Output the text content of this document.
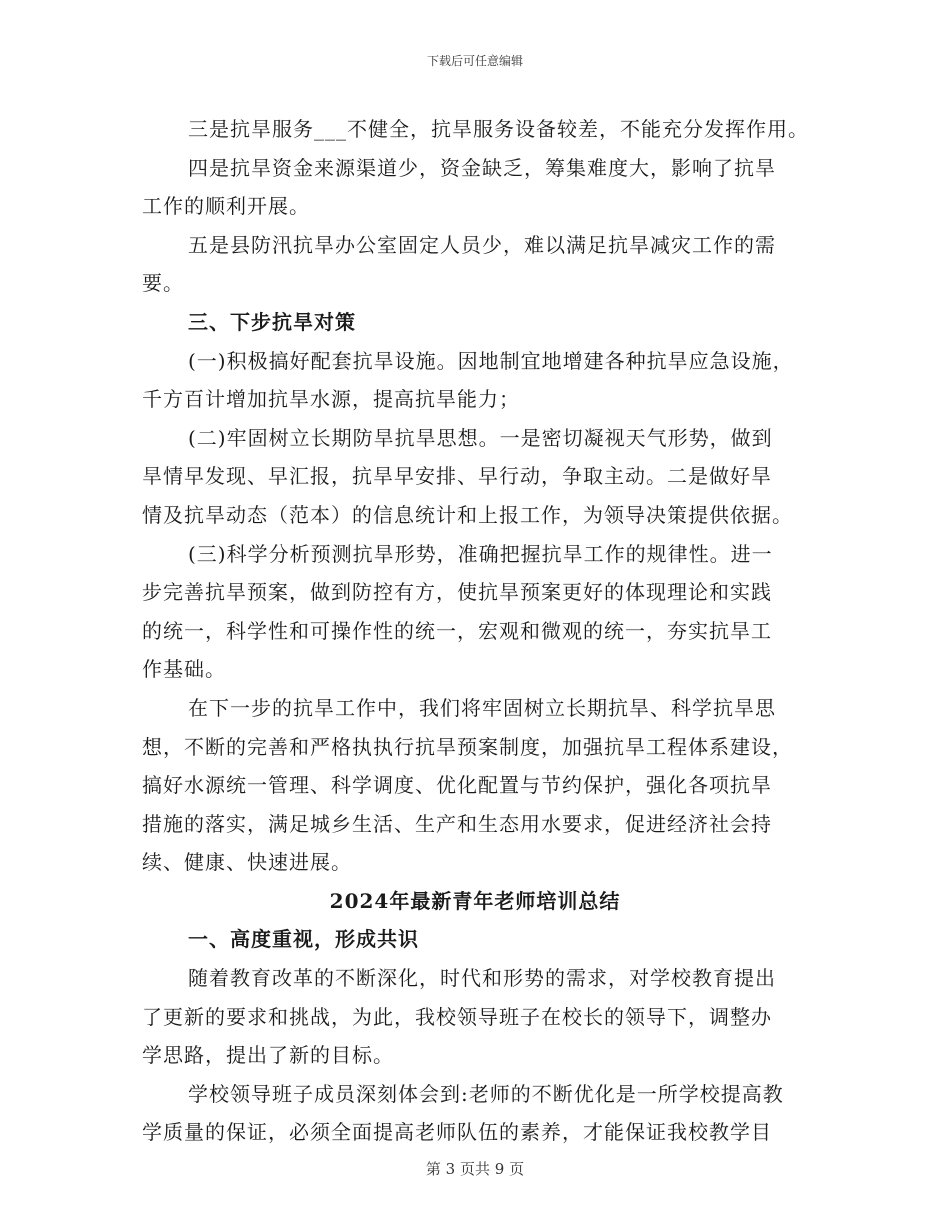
下载后可任意编辑
三是抗旱服务___不健全，抗旱服务设备较差，不能充分发挥作用。
四是抗旱资金来源渠道少，资金缺乏，筹集难度大，影响了抗旱
工作的顺利开展。
五是县防汛抗旱办公室固定人员少，难以满足抗旱减灾工作的需
要。
三、下步抗旱对策
(一)积极搞好配套抗旱设施。因地制宜地增建各种抗旱应急设施，
千方百计增加抗旱水源，提高抗旱能力；
(二)牢固树立长期防旱抗旱思想。一是密切凝视天气形势，做到
旱情早发现、早汇报，抗旱早安排、早行动，争取主动。二是做好旱
情及抗旱动态（范本）的信息统计和上报工作，为领导决策提供依据。
(三)科学分析预测抗旱形势，准确把握抗旱工作的规律性。进一
步完善抗旱预案，做到防控有方，使抗旱预案更好的体现理论和实践
的统一，科学性和可操作性的统一，宏观和微观的统一，夯实抗旱工
作基础。
在下一步的抗旱工作中，我们将牢固树立长期抗旱、科学抗旱思
想，不断的完善和严格执执行抗旱预案制度，加强抗旱工程体系建设，
搞好水源统一管理、科学调度、优化配置与节约保护，强化各项抗旱
措施的落实，满足城乡生活、生产和生态用水要求，促进经济社会持
续、健康、快速进展。
2024年最新青年老师培训总结
一、高度重视，形成共识
随着教育改革的不断深化，时代和形势的需求，对学校教育提出
了更新的要求和挑战，为此，我校领导班子在校长的领导下，调整办
学思路，提出了新的目标。
学校领导班子成员深刻体会到:老师的不断优化是一所学校提高教
学质量的保证，必须全面提高老师队伍的素养，才能保证我校教学目
第 3 页共 9 页
